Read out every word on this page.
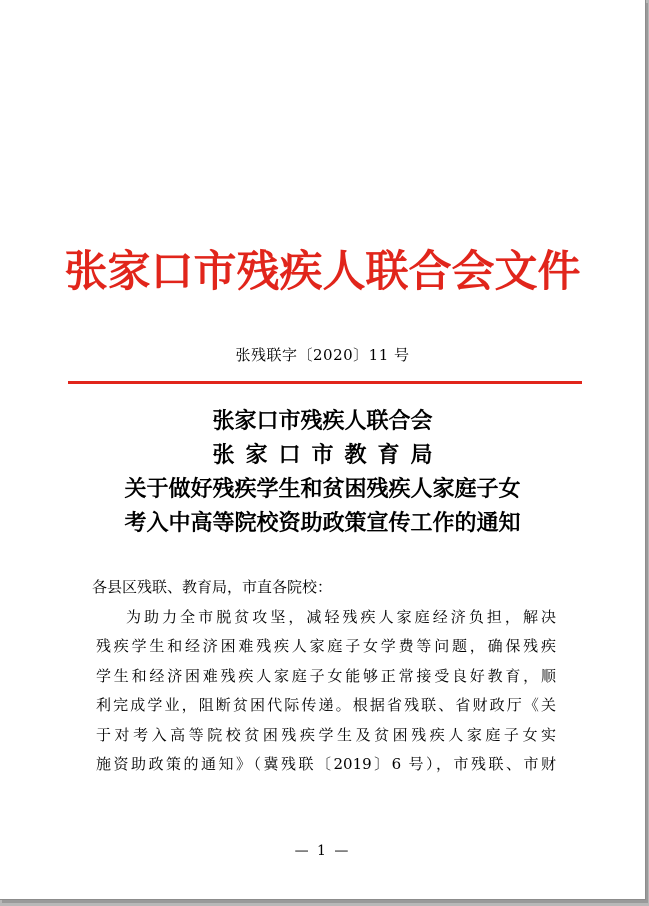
张家口市残疾人联合会文件
张残联字〔2020〕11 号
张家口市残疾人联合会
张家口市教育局
关于做好残疾学生和贫困残疾人家庭子女
考入中高等院校资助政策宣传工作的通知
各县区残联、教育局，市直各院校：
为助力全市脱贫攻坚，减轻残疾人家庭经济负担，解决
残疾学生和经济困难残疾人家庭子女学费等问题，确保残疾
学生和经济困难残疾人家庭子女能够正常接受良好教育，顺
利完成学业，阻断贫困代际传递。根据省残联、省财政厅《关
于对考入高等院校贫困残疾学生及贫困残疾人家庭子女实
施资助政策的通知》（冀残联〔2019〕6 号），市残联、市财
— 1 —
